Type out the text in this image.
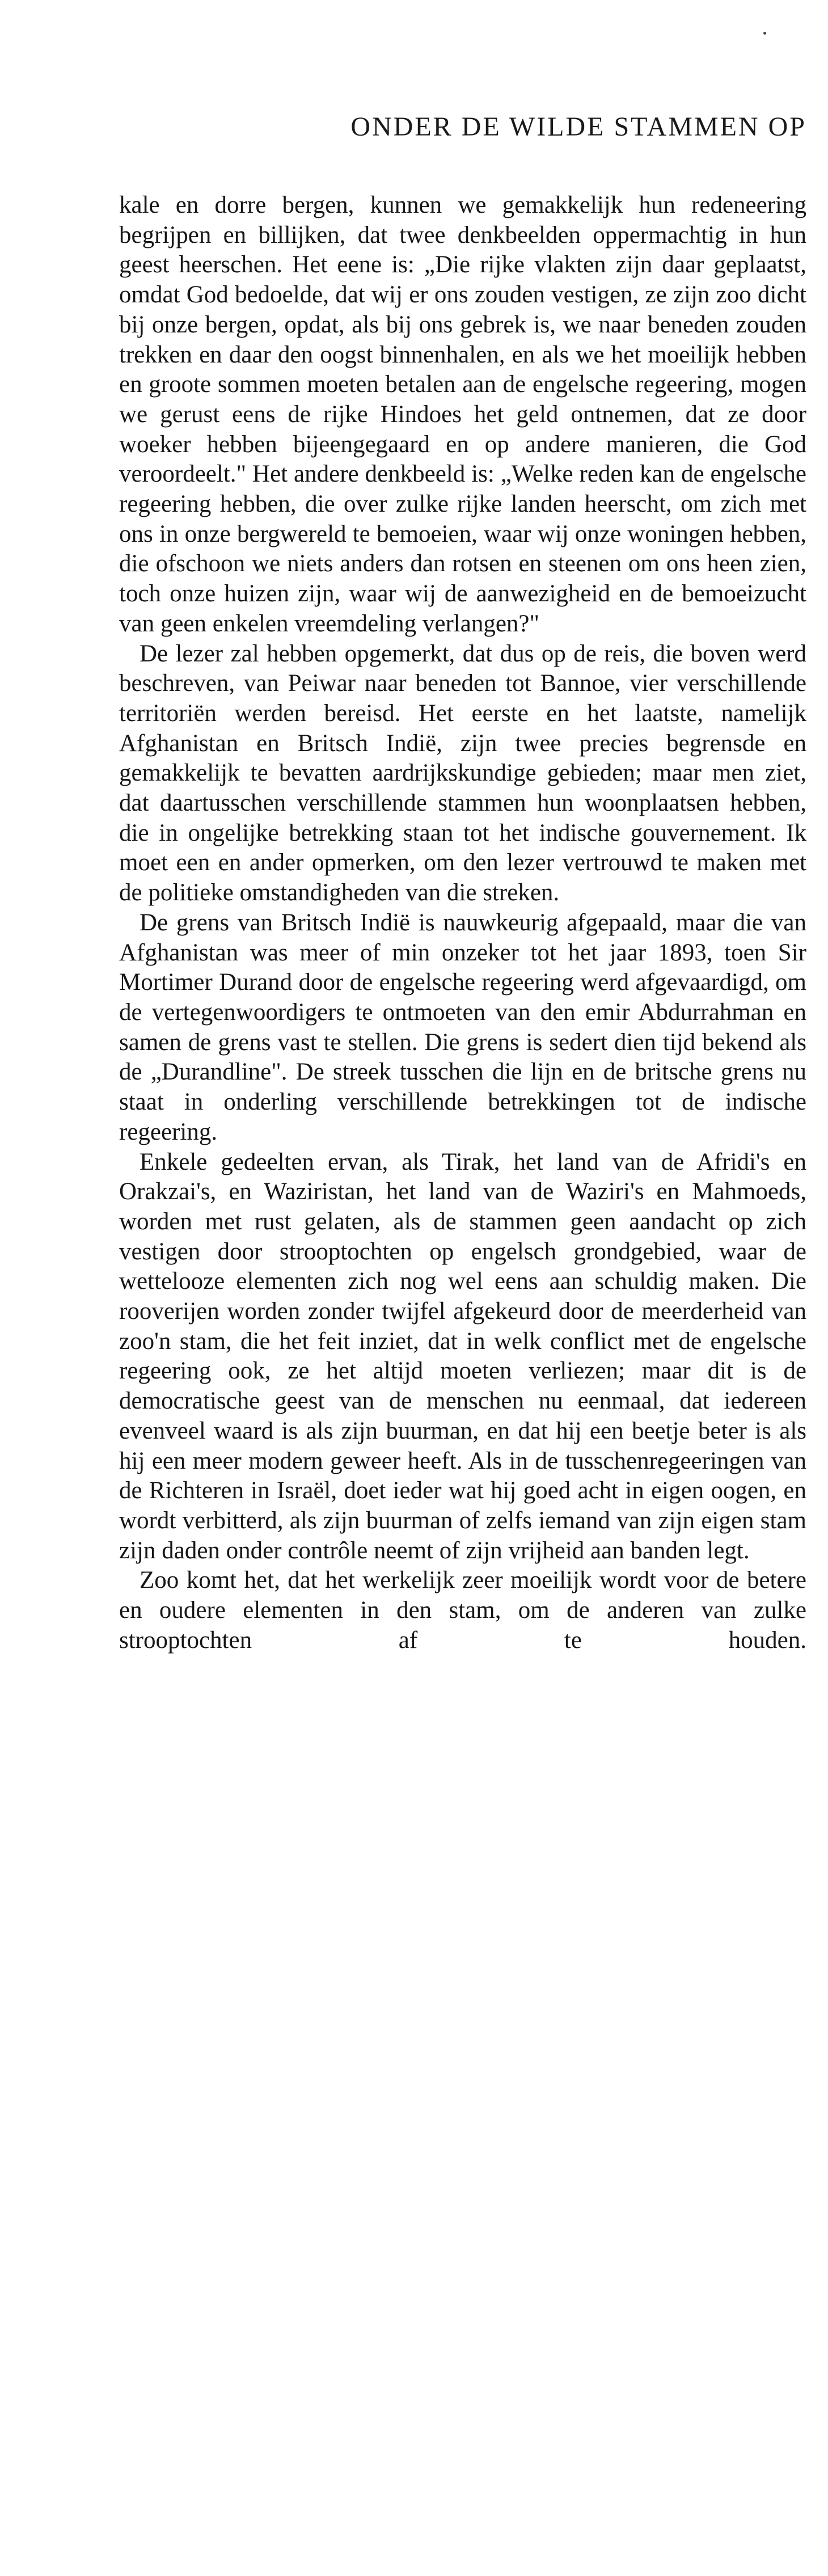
ONDER DE WILDE STAMMEN OP

kale en dorre bergen, kunnen we gemakkelijk hun redeneering begrijpen en billijken, dat twee denkbeelden oppermachtig in hun geest heerschen. Het eene is: „Die rijke vlakten zijn daar geplaatst, omdat God bedoelde, dat wij er ons zouden vestigen, ze zijn zoo dicht bij onze bergen, opdat, als bij ons gebrek is, we naar beneden zouden trekken en daar den oogst binnenhalen, en als we het moeilijk hebben en groote sommen moeten betalen aan de engelsche regeering, mogen we gerust eens de rijke Hindoes het geld ontnemen, dat ze door woeker hebben bijeengegaard en op andere manieren, die God veroordeelt." Het andere denkbeeld is: „Welke reden kan de engelsche regeering hebben, die over zulke rijke landen heerscht, om zich met ons in onze bergwereld te bemoeien, waar wij onze woningen hebben, die ofschoon we niets anders dan rotsen en steenen om ons heen zien, toch onze huizen zijn, waar wij de aanwezigheid en de bemoeizucht van geen enkelen vreemdeling verlangen?"

De lezer zal hebben opgemerkt, dat dus op de reis, die boven werd beschreven, van Peiwar naar beneden tot Bannoe, vier verschillende territoriën werden bereisd. Het eerste en het laatste, namelijk Afghanistan en Britsch Indië, zijn twee precies begrensde en gemakkelijk te bevatten aardrijkskundige gebieden; maar men ziet, dat daartusschen verschillende stammen hun woonplaatsen hebben, die in ongelijke betrekking staan tot het indische gouvernement. Ik moet een en ander opmerken, om den lezer vertrouwd te maken met de politieke omstandigheden van die streken.

De grens van Britsch Indië is nauwkeurig afgepaald, maar die van Afghanistan was meer of min onzeker tot het jaar 1893, toen Sir Mortimer Durand door de engelsche regeering werd afgevaardigd, om de vertegenwoordigers te ontmoeten van den emir Abdurrahman en samen de grens vast te stellen. Die grens is sedert dien tijd bekend als de „Durandline". De streek tusschen die lijn en de britsche grens nu staat in onderling verschillende betrekkingen tot de indische regeering.

Enkele gedeelten ervan, als Tirak, het land van de Afridi's en Orakzai's, en Waziristan, het land van de Waziri's en Mahmoeds, worden met rust gelaten, als de stammen geen aandacht op zich vestigen door strooptochten op engelsch grondgebied, waar de wettelooze elementen zich nog wel eens aan schuldig maken. Die rooverijen worden zonder twijfel afgekeurd door de meerderheid van zoo'n stam, die het feit inziet, dat in welk conflict met de engelsche regeering ook, ze het altijd moeten verliezen; maar dit is de democratische geest van de menschen nu eenmaal, dat iedereen evenveel waard is als zijn buurman, en dat hij een beetje beter is als hij een meer modern geweer heeft. Als in de tusschenregeeringen van de Richteren in Israël, doet ieder wat hij goed acht in eigen oogen, en wordt verbitterd, als zijn buurman of zelfs iemand van zijn eigen stam zijn daden onder contrôle neemt of zijn vrijheid aan banden legt.

Zoo komt het, dat het werkelijk zeer moeilijk wordt voor de betere en oudere elementen in den stam, om de anderen van zulke strooptochten af te houden.
